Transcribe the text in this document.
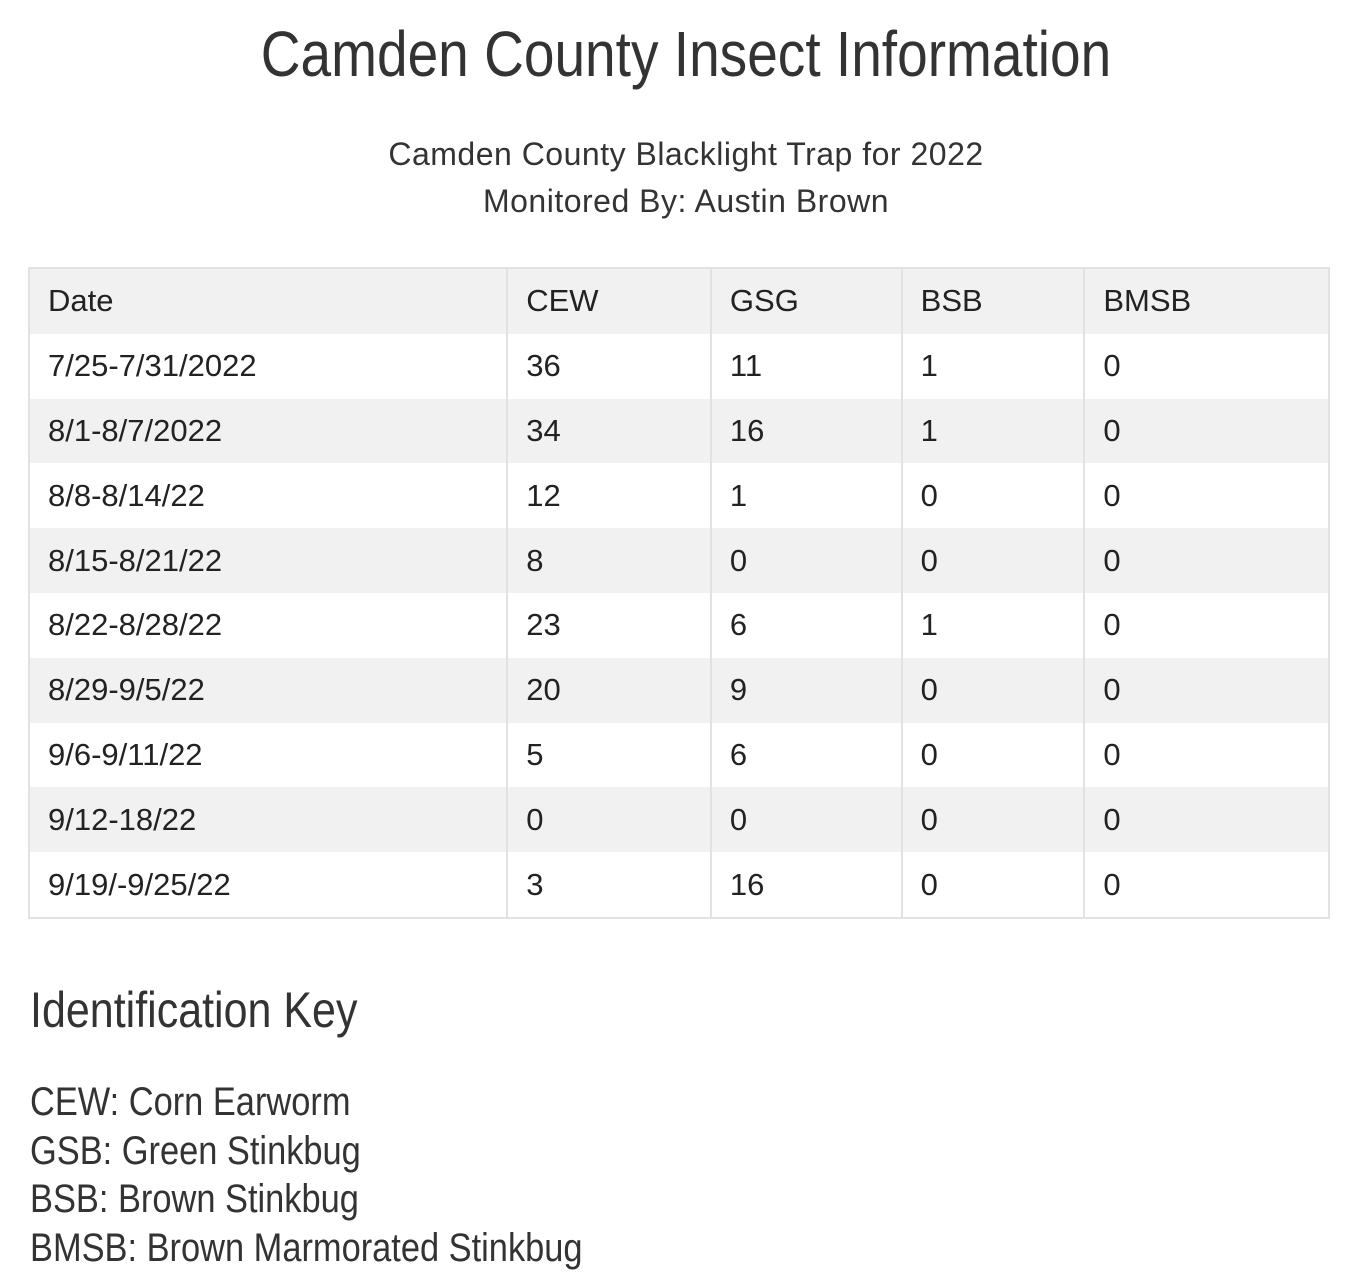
Camden County Insect Information
Camden County Blacklight Trap for 2022
Monitored By: Austin Brown
Date	CEW	GSG	BSB	BMSB
7/25-7/31/2022	36	11	1	0
8/1-8/7/2022	34	16	1	0
8/8-8/14/22	12	1	0	0
8/15-8/21/22	8	0	0	0
8/22-8/28/22	23	6	1	0
8/29-9/5/22	20	9	0	0
9/6-9/11/22	5	6	0	0
9/12-18/22	0	0	0	0
9/19/-9/25/22	3	16	0	0
Identification Key
CEW: Corn Earworm
GSB: Green Stinkbug
BSB: Brown Stinkbug
BMSB: Brown Marmorated Stinkbug
